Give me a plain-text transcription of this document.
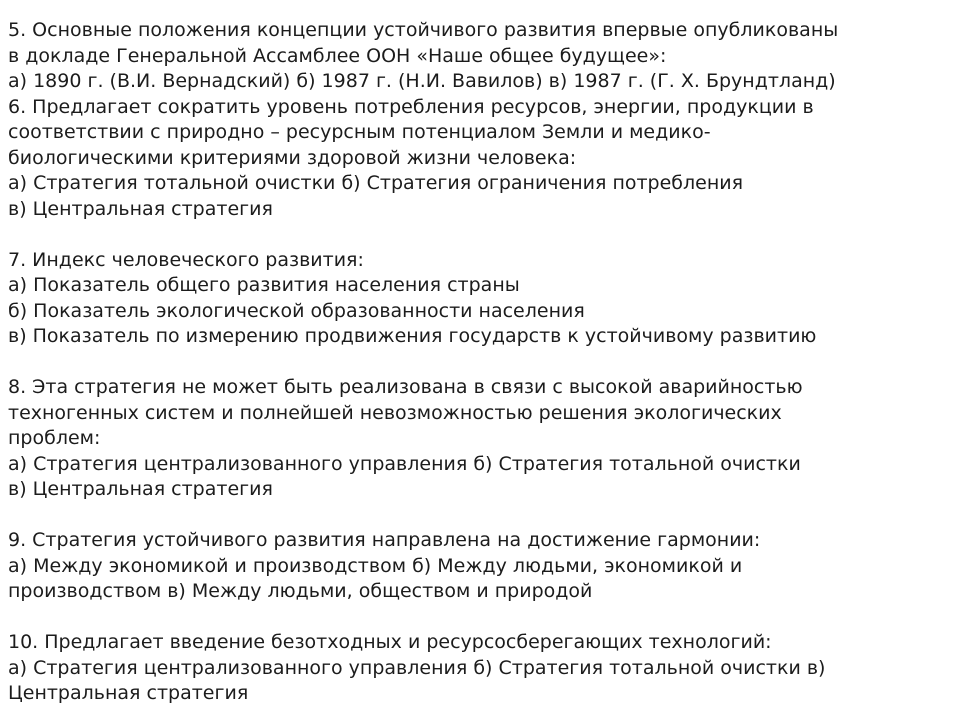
5. Основные положения концепции устойчивого развития впервые опубликованы
в докладе Генеральной Ассамблее ООН «Наше общее будущее»:
а) 1890 г. (В.И. Вернадский) б) 1987 г. (Н.И. Вавилов) в) 1987 г. (Г. Х. Брундтланд)
6. Предлагает сократить уровень потребления ресурсов, энергии, продукции в
соответствии с природно – ресурсным потенциалом Земли и медико-
биологическими критериями здоровой жизни человека:
а) Стратегия тотальной очистки б) Стратегия ограничения потребления
в) Центральная стратегия
7. Индекс человеческого развития:
а) Показатель общего развития населения страны
б) Показатель экологической образованности населения
в) Показатель по измерению продвижения государств к устойчивому развитию
8. Эта стратегия не может быть реализована в связи с высокой аварийностью
техногенных систем и полнейшей невозможностью решения экологических
проблем:
а) Стратегия централизованного управления б) Стратегия тотальной очистки
в) Центральная стратегия
9. Стратегия устойчивого развития направлена на достижение гармонии:
а) Между экономикой и производством б) Между людьми, экономикой и
производством в) Между людьми, обществом и природой
10. Предлагает введение безотходных и ресурсосберегающих технологий:
а) Стратегия централизованного управления б) Стратегия тотальной очистки в)
Центральная стратегия
